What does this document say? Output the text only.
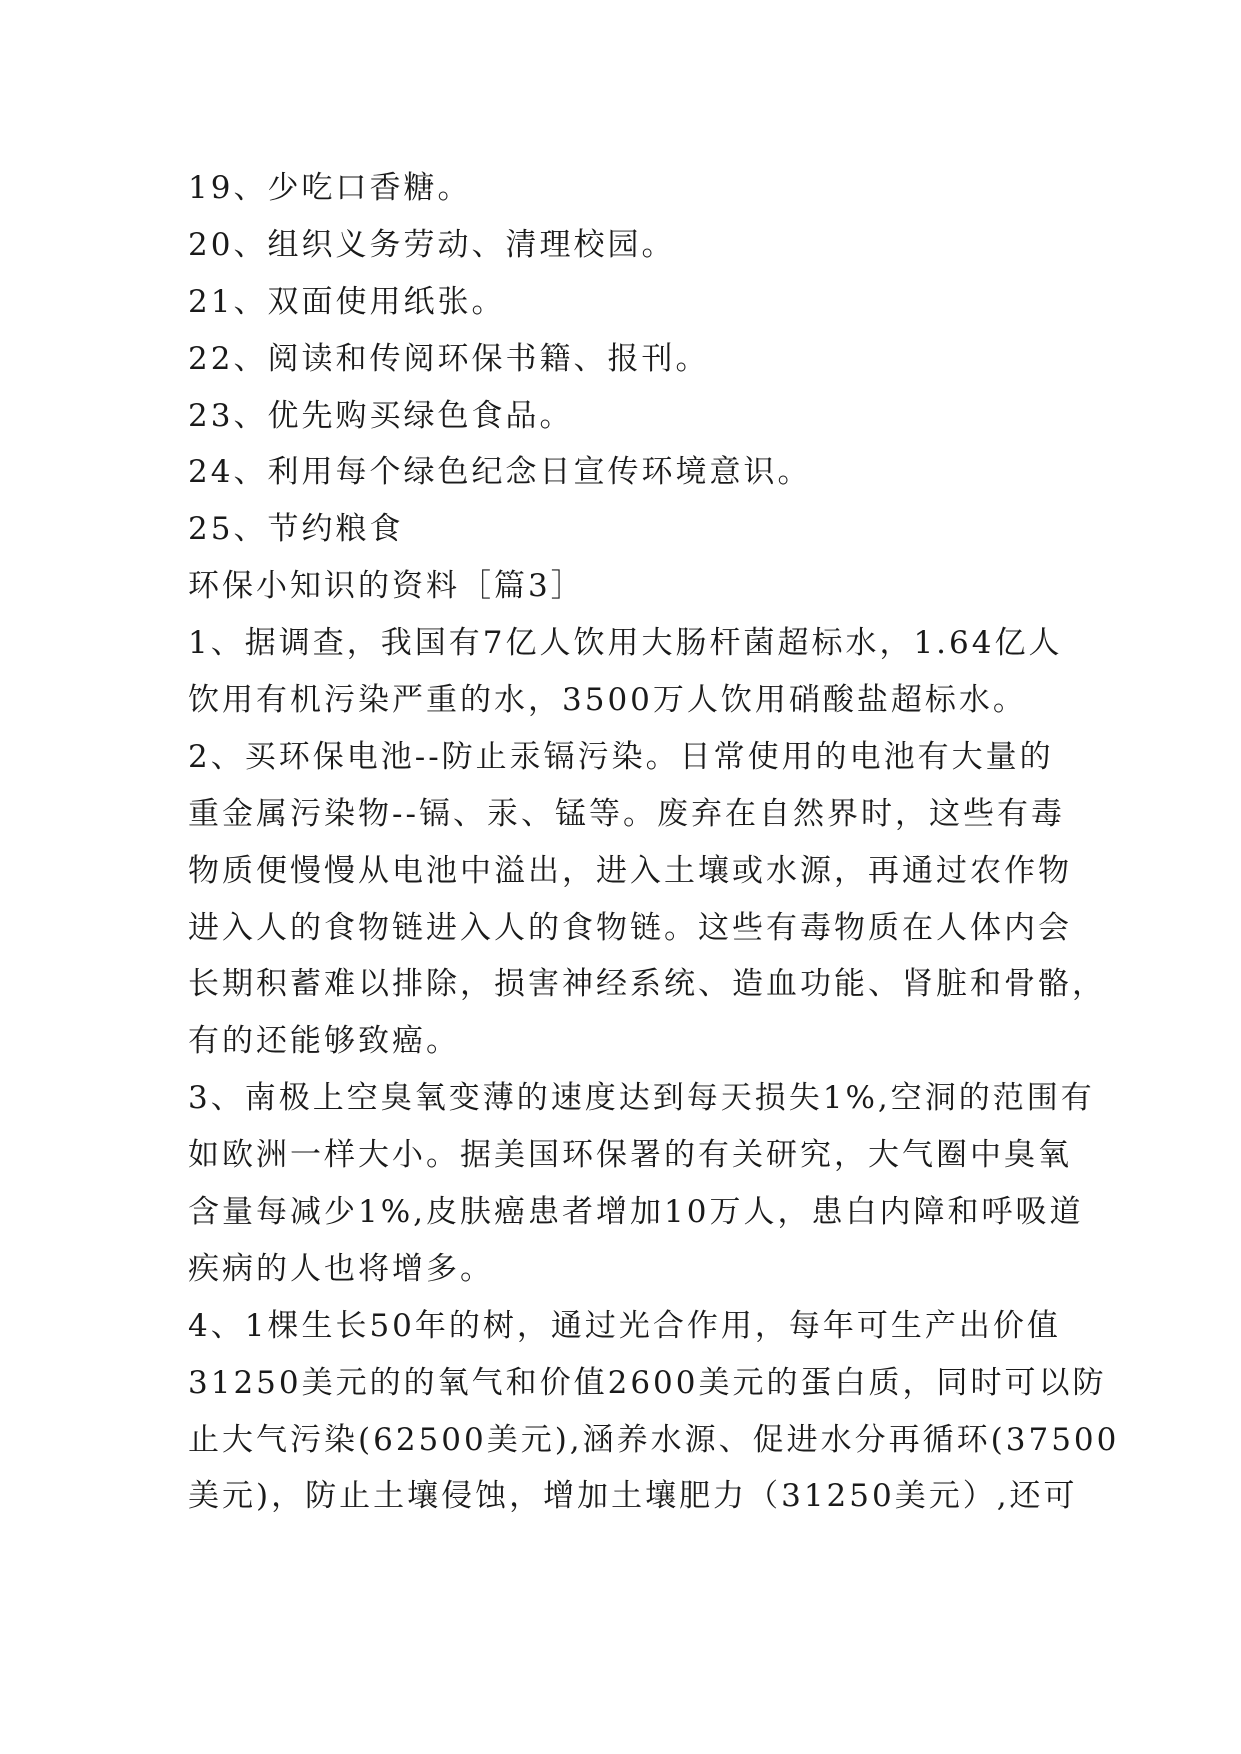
19、少吃口香糖。
20、组织义务劳动、清理校园。
21、双面使用纸张。
22、阅读和传阅环保书籍、报刊。
23、优先购买绿色食品。
24、利用每个绿色纪念日宣传环境意识。
25、节约粮食
环保小知识的资料［篇3］
1、据调查，我国有7亿人饮用大肠杆菌超标水，1.64亿人
饮用有机污染严重的水，3500万人饮用硝酸盐超标水。
2、买环保电池--防止汞镉污染。日常使用的电池有大量的
重金属污染物--镉、汞、锰等。废弃在自然界时，这些有毒
物质便慢慢从电池中溢出，进入土壤或水源，再通过农作物
进入人的食物链进入人的食物链。这些有毒物质在人体内会
长期积蓄难以排除，损害神经系统、造血功能、肾脏和骨骼，
有的还能够致癌。
3、南极上空臭氧变薄的速度达到每天损失1%,空洞的范围有
如欧洲一样大小。据美国环保署的有关研究，大气圈中臭氧
含量每减少1%,皮肤癌患者增加10万人，患白内障和呼吸道
疾病的人也将增多。
4、1棵生长50年的树，通过光合作用，每年可生产出价值
31250美元的的氧气和价值2600美元的蛋白质，同时可以防
止大气污染(62500美元),涵养水源、促进水分再循环(37500
美元)，防止土壤侵蚀，增加土壤肥力（31250美元）,还可
